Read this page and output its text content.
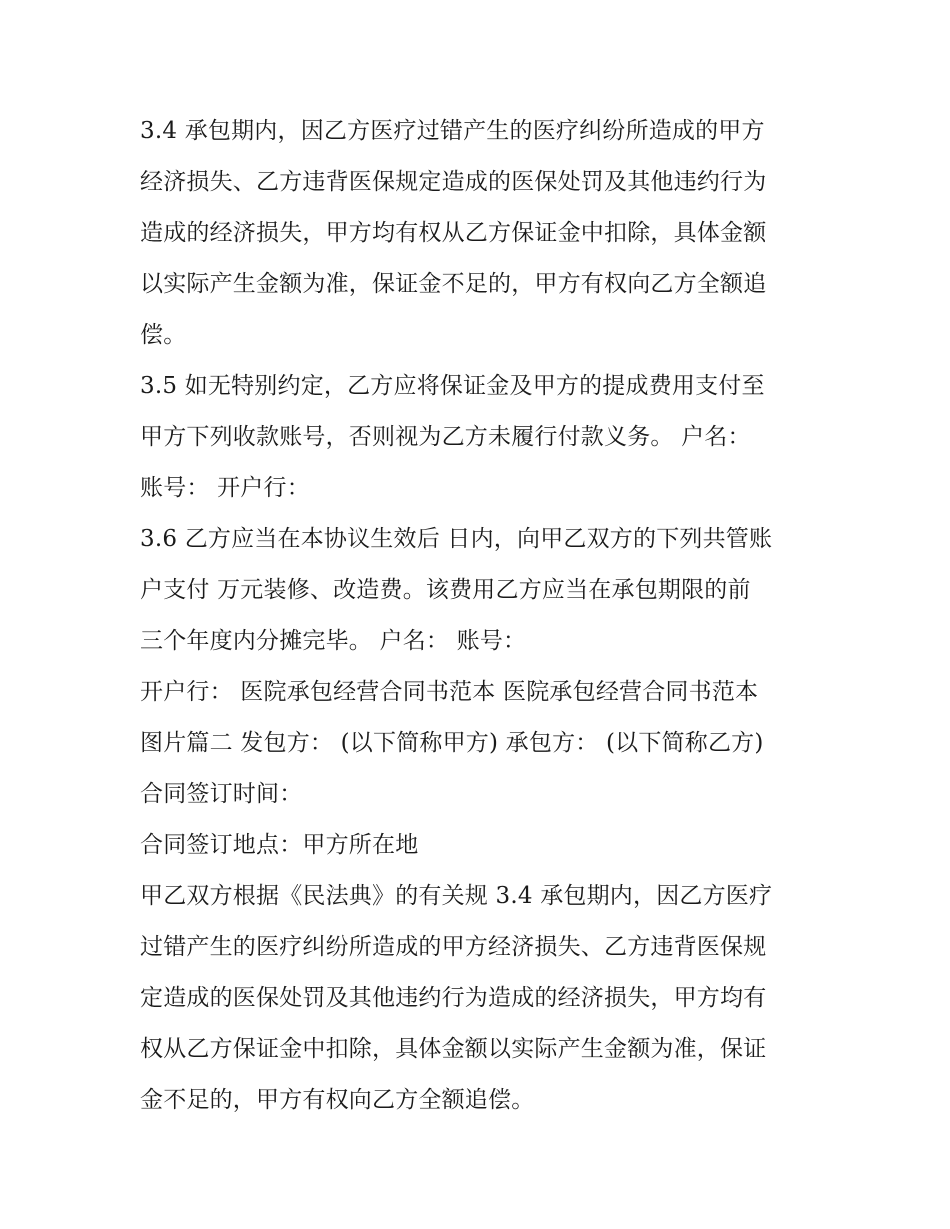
3.4 承包期内，因乙方医疗过错产生的医疗纠纷所造成的甲方
经济损失、乙方违背医保规定造成的医保处罚及其他违约行为
造成的经济损失，甲方均有权从乙方保证金中扣除，具体金额
以实际产生金额为准，保证金不足的，甲方有权向乙方全额追
偿。
3.5 如无特别约定，乙方应将保证金及甲方的提成费用支付至
甲方下列收款账号，否则视为乙方未履行付款义务。 户名：
账号： 开户行：
3.6 乙方应当在本协议生效后 日内，向甲乙双方的下列共管账
户支付 万元装修、改造费。该费用乙方应当在承包期限的前
三个年度内分摊完毕。 户名： 账号：
开户行： 医院承包经营合同书范本 医院承包经营合同书范本
图片篇二 发包方： (以下简称甲方) 承包方： (以下简称乙方)
合同签订时间：
合同签订地点：甲方所在地
甲乙双方根据《民法典》的有关规 3.4 承包期内，因乙方医疗
过错产生的医疗纠纷所造成的甲方经济损失、乙方违背医保规
定造成的医保处罚及其他违约行为造成的经济损失，甲方均有
权从乙方保证金中扣除，具体金额以实际产生金额为准，保证
金不足的，甲方有权向乙方全额追偿。
